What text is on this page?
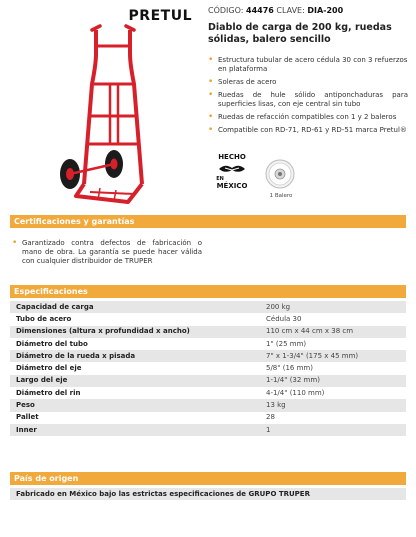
PRETUL CÓDIGO: 44476 CLAVE: DIA-200
Diablo de carga de 200 kg, ruedas sólidas, balero sencillo
• Estructura tubular de acero cédula 30 con 3 refuerzos en plataforma
• Soleras de acero
• Ruedas de hule sólido antiponchaduras para superficies lisas, con eje central sin tubo
• Ruedas de refacción compatibles con 1 y 2 baleros
• Compatible con RD-71, RD-61 y RD-51 marca Pretul®
HECHO
EN
MÉXICO
1 Balero
Certificaciones y garantías
• Garantizado contra defectos de fabricación o mano de obra. La garantía se puede hacer válida con cualquier distribuidor de TRUPER
Especificaciones
Capacidad de carga	200 kg
Tubo de acero	Cédula 30
Dimensiones (altura x profundidad x ancho)	110 cm x 44 cm x 38 cm
Diámetro del tubo	1" (25 mm)
Diámetro de la rueda x pisada	7" x 1-3/4" (175 x 45 mm)
Diámetro del eje	5/8" (16 mm)
Largo del eje	1-1/4" (32 mm)
Diámetro del rin	4-1/4" (110 mm)
Peso	13 kg
Pallet	28
Inner	1
País de origen
Fabricado en México bajo las estrictas especificaciones de GRUPO TRUPER
